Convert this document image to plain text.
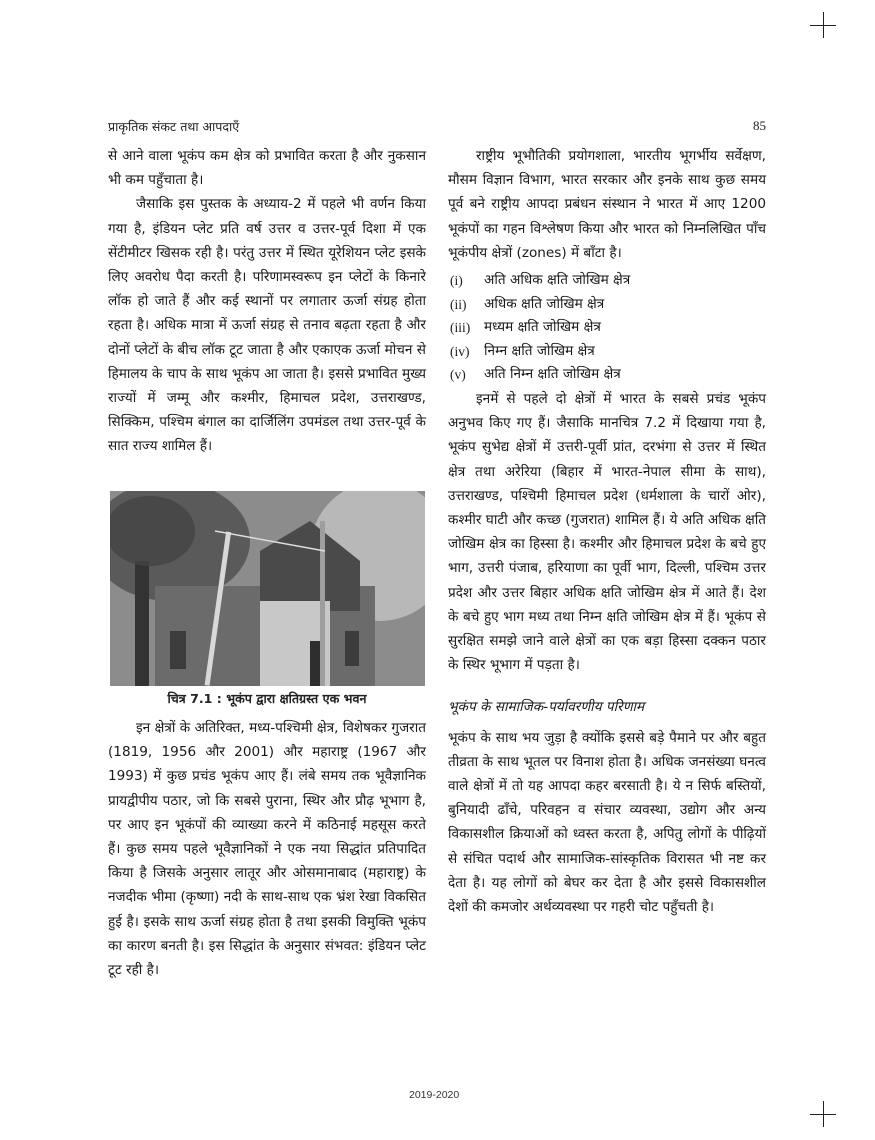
प्राकृतिक संकट तथा आपदाएँ	85

से आने वाला भूकंप कम क्षेत्र को प्रभावित करता है और नुकसान भी कम पहुँचाता है।

जैसाकि इस पुस्तक के अध्याय-2 में पहले भी वर्णन किया गया है, इंडियन प्लेट प्रति वर्ष उत्तर व उत्तर-पूर्व दिशा में एक सेंटीमीटर खिसक रही है। परंतु उत्तर में स्थित यूरेशियन प्लेट इसके लिए अवरोध पैदा करती है। परिणामस्वरूप इन प्लेटों के किनारे लॉक हो जाते हैं और कई स्थानों पर लगातार ऊर्जा संग्रह होता रहता है। अधिक मात्रा में ऊर्जा संग्रह से तनाव बढ़ता रहता है और दोनों प्लेटों के बीच लॉक टूट जाता है और एकाएक ऊर्जा मोचन से हिमालय के चाप के साथ भूकंप आ जाता है। इससे प्रभावित मुख्य राज्यों में जम्मू और कश्मीर, हिमाचल प्रदेश, उत्तराखण्ड, सिक्किम, पश्चिम बंगाल का दार्जिलिंग उपमंडल तथा उत्तर-पूर्व के सात राज्य शामिल हैं।

चित्र 7.1 : भूकंप द्वारा क्षतिग्रस्त एक भवन

इन क्षेत्रों के अतिरिक्त, मध्य-पश्चिमी क्षेत्र, विशेषकर गुजरात (1819, 1956 और 2001) और महाराष्ट्र (1967 और 1993) में कुछ प्रचंड भूकंप आए हैं। लंबे समय तक भूवैज्ञानिक प्रायद्वीपीय पठार, जो कि सबसे पुराना, स्थिर और प्रौढ़ भूभाग है, पर आए इन भूकंपों की व्याख्या करने में कठिनाई महसूस करते हैं। कुछ समय पहले भूवैज्ञानिकों ने एक नया सिद्धांत प्रतिपादित किया है जिसके अनुसार लातूर और ओसमानाबाद (महाराष्ट्र) के नजदीक भीमा (कृष्णा) नदी के साथ-साथ एक भ्रंश रेखा विकसित हुई है। इसके साथ ऊर्जा संग्रह होता है तथा इसकी विमुक्ति भूकंप का कारण बनती है। इस सिद्धांत के अनुसार संभवत: इंडियन प्लेट टूट रही है।

राष्ट्रीय भूभौतिकी प्रयोगशाला, भारतीय भूगर्भीय सर्वेक्षण, मौसम विज्ञान विभाग, भारत सरकार और इनके साथ कुछ समय पूर्व बने राष्ट्रीय आपदा प्रबंधन संस्थान ने भारत में आए 1200 भूकंपों का गहन विश्लेषण किया और भारत को निम्नलिखित पाँच भूकंपीय क्षेत्रों (zones) में बाँटा है।

(i)	अति अधिक क्षति जोखिम क्षेत्र
(ii)	अधिक क्षति जोखिम क्षेत्र
(iii)	मध्यम क्षति जोखिम क्षेत्र
(iv)	निम्न क्षति जोखिम क्षेत्र
(v)	अति निम्न क्षति जोखिम क्षेत्र

इनमें से पहले दो क्षेत्रों में भारत के सबसे प्रचंड भूकंप अनुभव किए गए हैं। जैसाकि मानचित्र 7.2 में दिखाया गया है, भूकंप सुभेद्य क्षेत्रों में उत्तरी-पूर्वी प्रांत, दरभंगा से उत्तर में स्थित क्षेत्र तथा अरेरिया (बिहार में भारत-नेपाल सीमा के साथ), उत्तराखण्ड, पश्चिमी हिमाचल प्रदेश (धर्मशाला के चारों ओर), कश्मीर घाटी और कच्छ (गुजरात) शामिल हैं। ये अति अधिक क्षति जोखिम क्षेत्र का हिस्सा है। कश्मीर और हिमाचल प्रदेश के बचे हुए भाग, उत्तरी पंजाब, हरियाणा का पूर्वी भाग, दिल्ली, पश्चिम उत्तर प्रदेश और उत्तर बिहार अधिक क्षति जोखिम क्षेत्र में आते हैं। देश के बचे हुए भाग मध्य तथा निम्न क्षति जोखिम क्षेत्र में हैं। भूकंप से सुरक्षित समझे जाने वाले क्षेत्रों का एक बड़ा हिस्सा दक्कन पठार के स्थिर भूभाग में पड़ता है।

भूकंप के सामाजिक-पर्यावरणीय परिणाम

भूकंप के साथ भय जुड़ा है क्योंकि इससे बड़े पैमाने पर और बहुत तीव्रता के साथ भूतल पर विनाश होता है। अधिक जनसंख्या घनत्व वाले क्षेत्रों में तो यह आपदा कहर बरसाती है। ये न सिर्फ बस्तियों, बुनियादी ढाँचे, परिवहन व संचार व्यवस्था, उद्योग और अन्य विकासशील क्रियाओं को ध्वस्त करता है, अपितु लोगों के पीढ़ियों से संचित पदार्थ और सामाजिक-सांस्कृतिक विरासत भी नष्ट कर देता है। यह लोगों को बेघर कर देता है और इससे विकासशील देशों की कमजोर अर्थव्यवस्था पर गहरी चोट पहुँचती है।

2019-2020
